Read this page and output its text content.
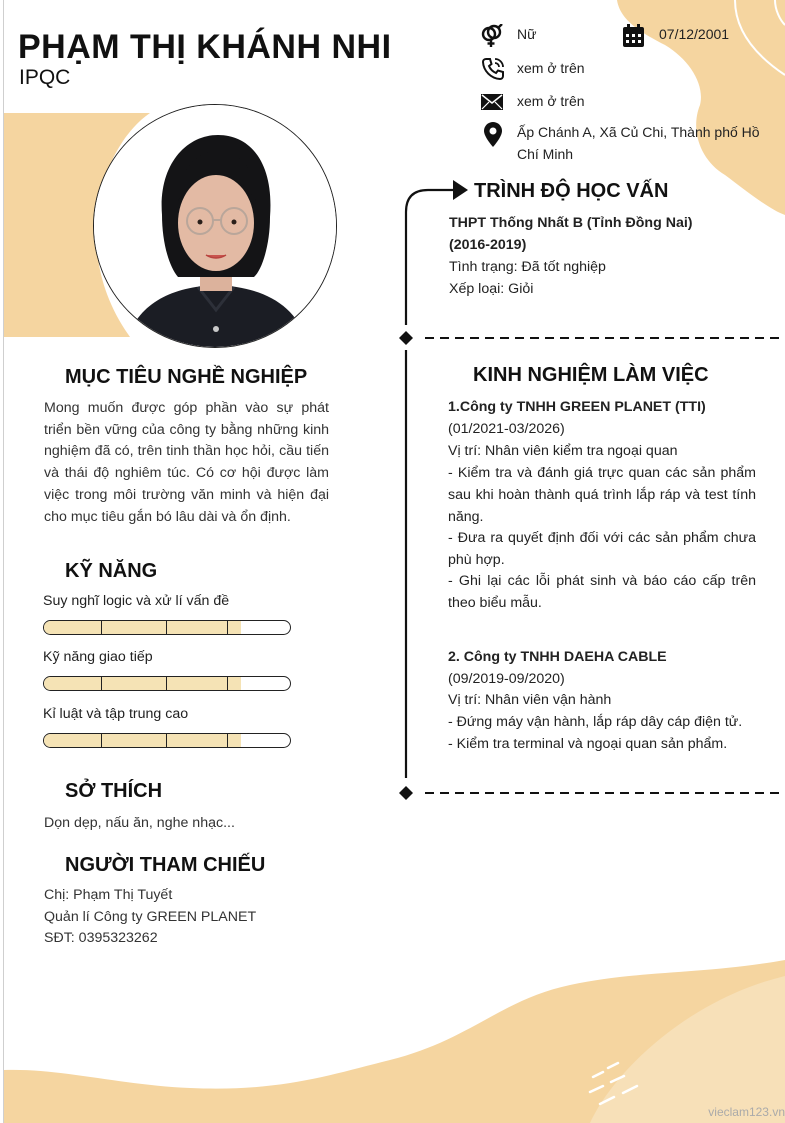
PHẠM THỊ KHÁNH NHI
IPQC
Nữ	07/12/2001
xem ở trên
xem ở trên
Ấp Chánh A, Xã Củ Chi, Thành phố Hồ
Chí Minh
MỤC TIÊU NGHỀ NGHIỆP
Mong muốn được góp phần vào sự phát triển bền vững của công ty bằng những kinh nghiệm đã có, trên tinh thần học hỏi, cầu tiến và thái độ nghiêm túc. Có cơ hội được làm việc trong môi trường văn minh và hiện đại cho mục tiêu gắn bó lâu dài và ổn định.
KỸ NĂNG
Suy nghĩ logic và xử lí vấn đề
Kỹ năng giao tiếp
Kỉ luật và tập trung cao
SỞ THÍCH
Dọn dẹp, nấu ăn, nghe nhạc...
NGƯỜI THAM CHIẾU
Chị: Phạm Thị Tuyết
Quản lí Công ty GREEN PLANET
SĐT: 0395323262
TRÌNH ĐỘ HỌC VẤN
THPT Thống Nhất B (Tỉnh Đồng Nai)
(2016-2019)
Tình trạng: Đã tốt nghiệp
Xếp loại: Giỏi
KINH NGHIỆM LÀM VIỆC
1.Công ty TNHH GREEN PLANET (TTI)
(01/2021-03/2026)
Vị trí: Nhân viên kiểm tra ngoại quan
- Kiểm tra và đánh giá trực quan các sản phẩm sau khi hoàn thành quá trình lắp ráp và test tính năng.
- Đưa ra quyết định đối với các sản phẩm chưa phù hợp.
- Ghi lại các lỗi phát sinh và báo cáo cấp trên theo biểu mẫu.
2. Công ty TNHH DAEHA CABLE
(09/2019-09/2020)
Vị trí: Nhân viên vận hành
- Đứng máy vận hành, lắp ráp dây cáp điện tử.
- Kiểm tra terminal và ngoại quan sản phẩm.
vieclam123.vn
